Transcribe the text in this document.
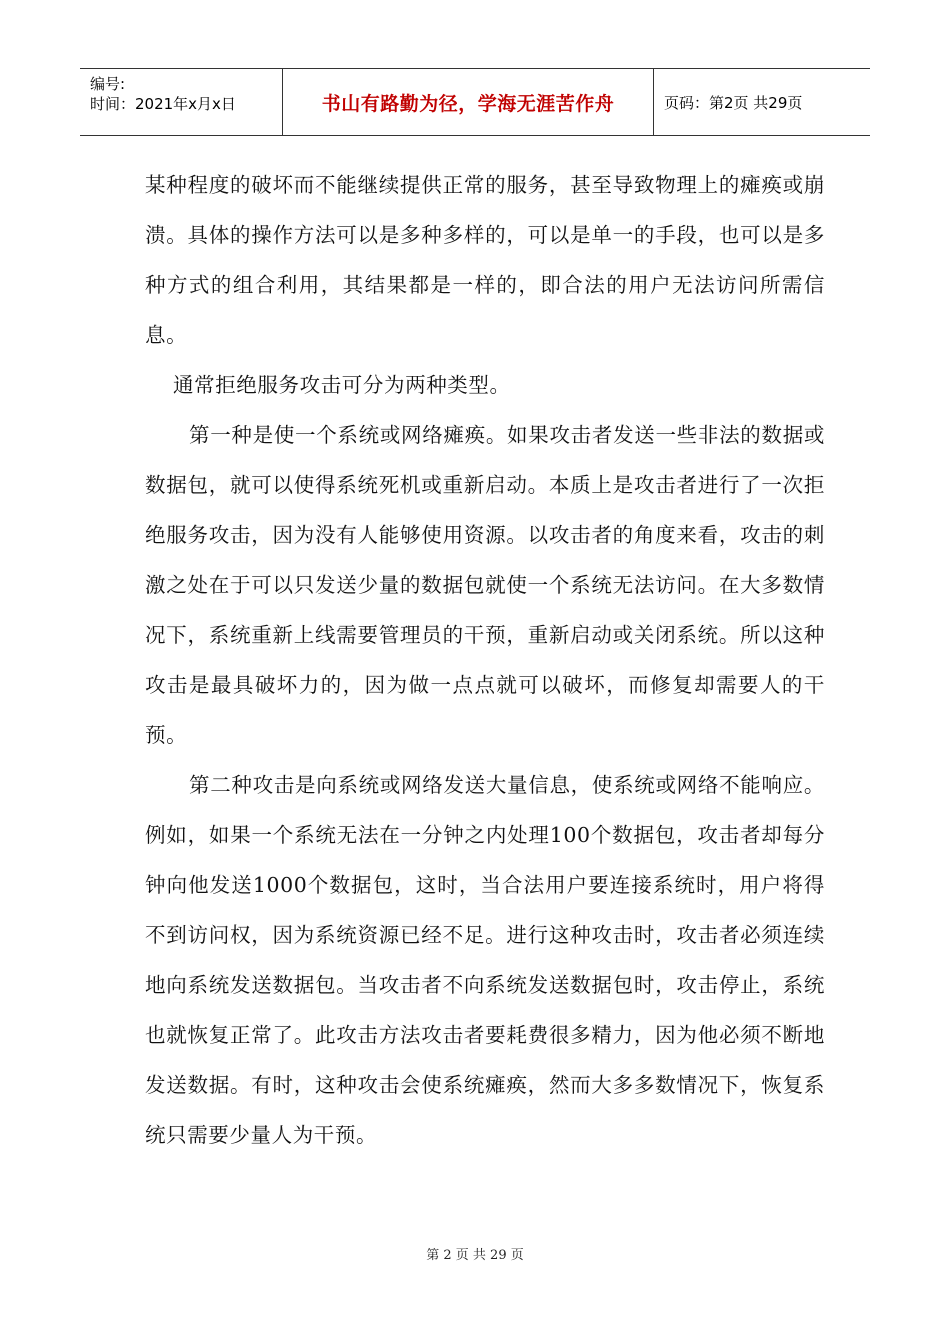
编号:
时间：2021年x月x日	书山有路勤为径，学海无涯苦作舟	页码：第2页 共29页

某种程度的破坏而不能继续提供正常的服务，甚至导致物理上的瘫痪或崩溃。具体的操作方法可以是多种多样的，可以是单一的手段，也可以是多种方式的组合利用，其结果都是一样的，即合法的用户无法访问所需信息。

通常拒绝服务攻击可分为两种类型。

第一种是使一个系统或网络瘫痪。如果攻击者发送一些非法的数据或数据包，就可以使得系统死机或重新启动。本质上是攻击者进行了一次拒绝服务攻击，因为没有人能够使用资源。以攻击者的角度来看，攻击的刺激之处在于可以只发送少量的数据包就使一个系统无法访问。在大多数情况下，系统重新上线需要管理员的干预，重新启动或关闭系统。所以这种攻击是最具破坏力的，因为做一点点就可以破坏，而修复却需要人的干预。

第二种攻击是向系统或网络发送大量信息，使系统或网络不能响应。例如，如果一个系统无法在一分钟之内处理100个数据包，攻击者却每分钟向他发送1000个数据包，这时，当合法用户要连接系统时，用户将得不到访问权，因为系统资源已经不足。进行这种攻击时，攻击者必须连续地向系统发送数据包。当攻击者不向系统发送数据包时，攻击停止，系统也就恢复正常了。此攻击方法攻击者要耗费很多精力，因为他必须不断地发送数据。有时，这种攻击会使系统瘫痪，然而大多多数情况下，恢复系统只需要少量人为干预。

第 2 页 共 29 页
